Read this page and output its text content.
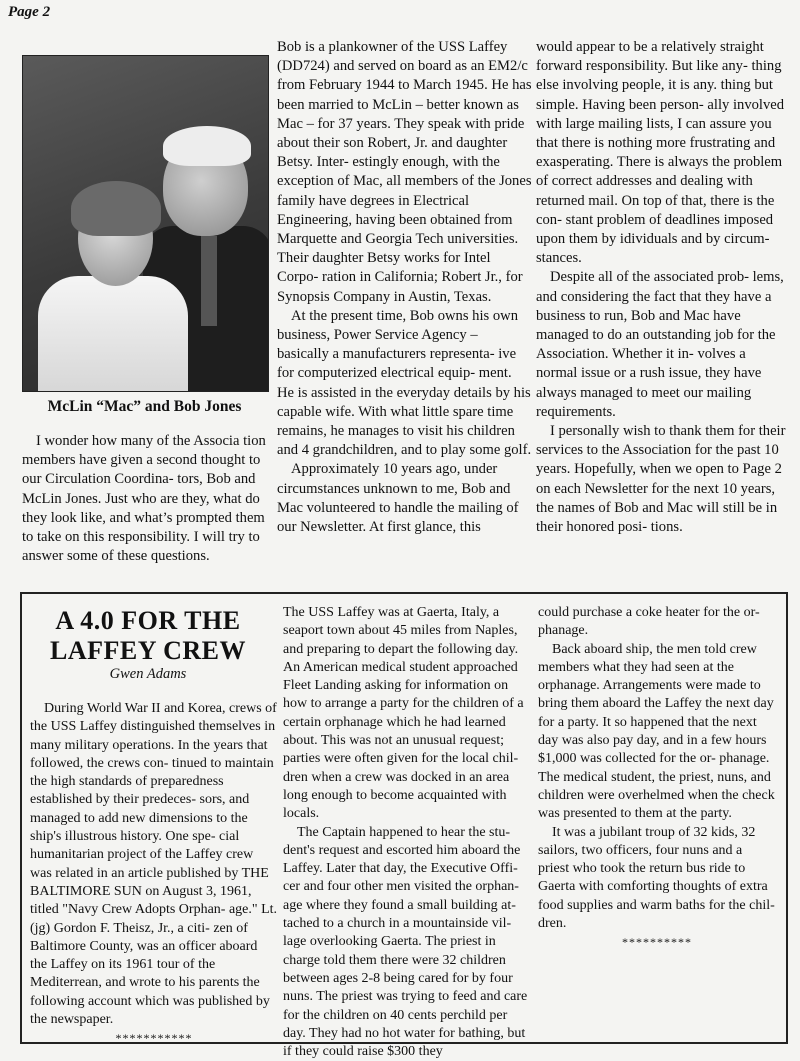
Page 2
McLin “Mac” and Bob Jones

I wonder how many of the Associa tion members have given a second thought to our Circulation Coordina- tors, Bob and McLin Jones. Just who are they, what do they look like, and what’s prompted them to take on this responsibility. I will try to answer some of these questions.

Bob is a plankowner of the USS Laffey (DD724) and served on board as an EM2/c from February 1944 to March 1945. He has been married to McLin – better known as Mac – for 37 years. They speak with pride about their son Robert, Jr. and daughter Betsy. Inter- estingly enough, with the exception of Mac, all members of the Jones family have degrees in Electrical Engineering, having been obtained from Marquette and Georgia Tech universities. Their daughter Betsy works for Intel Corpo- ration in California; Robert Jr., for Synopsis Company in Austin, Texas.

At the present time, Bob owns his own business, Power Service Agency – basically a manufacturers representa- ive for computerized electrical equip- ment. He is assisted in the everyday details by his capable wife. With what little spare time remains, he manages to visit his children and 4 grandchildren, and to play some golf.

Approximately 10 years ago, under circumstances unknown to me, Bob and Mac volunteered to handle the mailing of our Newsletter. At first glance, this

would appear to be a relatively straight forward responsibility. But like any- thing else involving people, it is any. thing but simple. Having been person- ally involved with large mailing lists, I can assure you that there is nothing more frustrating and exasperating. There is always the problem of correct addresses and dealing with returned mail. On top of that, there is the con- stant problem of deadlines imposed upon them by idividuals and by circum- stances.

Despite all of the associated prob- lems, and considering the fact that they have a business to run, Bob and Mac have managed to do an outstanding job for the Association. Whether it in- volves a normal issue or a rush issue, they have always managed to meet our mailing requirements.

I personally wish to thank them for their services to the Association for the past 10 years. Hopefully, when we open to Page 2 on each Newsletter for the next 10 years, the names of Bob and Mac will still be in their honored posi- tions.

A 4.0 FOR THE LAFFEY CREW
Gwen Adams

During World War II and Korea, crews of the USS Laffey distinguished themselves in many military operations. In the years that followed, the crews con- tinued to maintain the high standards of preparedness established by their predeces- sors, and managed to add new dimensions to the ship's illustrous history. One spe- cial humanitarian project of the Laffey crew was related in an article published by THE BALTIMORE SUN on August 3, 1961, titled "Navy Crew Adopts Orphan- age." Lt. (jg) Gordon F. Theisz, Jr., a citi- zen of Baltimore County, was an officer aboard the Laffey on its 1961 tour of the Mediterrean, and wrote to his parents the following account which was published by the newspaper.

***********

The USS Laffey was at Gaerta, Italy, a seaport town about 45 miles from Naples, and preparing to depart the following day. An American medical student approached Fleet Landing asking for information on how to arrange a party for the children of a certain orphanage which he had learned about. This was not an unusual request; parties were often given for the local chil- dren when a crew was docked in an area long enough to become acquainted with locals.

The Captain happened to hear the stu- dent's request and escorted him aboard the Laffey. Later that day, the Executive Offi- cer and four other men visited the orphan- age where they found a small building at- tached to a church in a mountainside vil- lage overlooking Gaerta. The priest in charge told them there were 32 children between ages 2-8 being cared for by four nuns. The priest was trying to feed and care for the children on 40 cents perchild per day. They had no hot water for bathing, but if they could raise $300 they

could purchase a coke heater for the or- phanage.

Back aboard ship, the men told crew members what they had seen at the orphanage. Arrangements were made to bring them aboard the Laffey the next day for a party. It so happened that the next day was also pay day, and in a few hours $1,000 was collected for the or- phanage. The medical student, the priest, nuns, and children were overhelmed when the check was presented to them at the party.

It was a jubilant troup of 32 kids, 32 sailors, two officers, four nuns and a priest who took the return bus ride to Gaerta with comforting thoughts of extra food supplies and warm baths for the chil- dren.

**********
